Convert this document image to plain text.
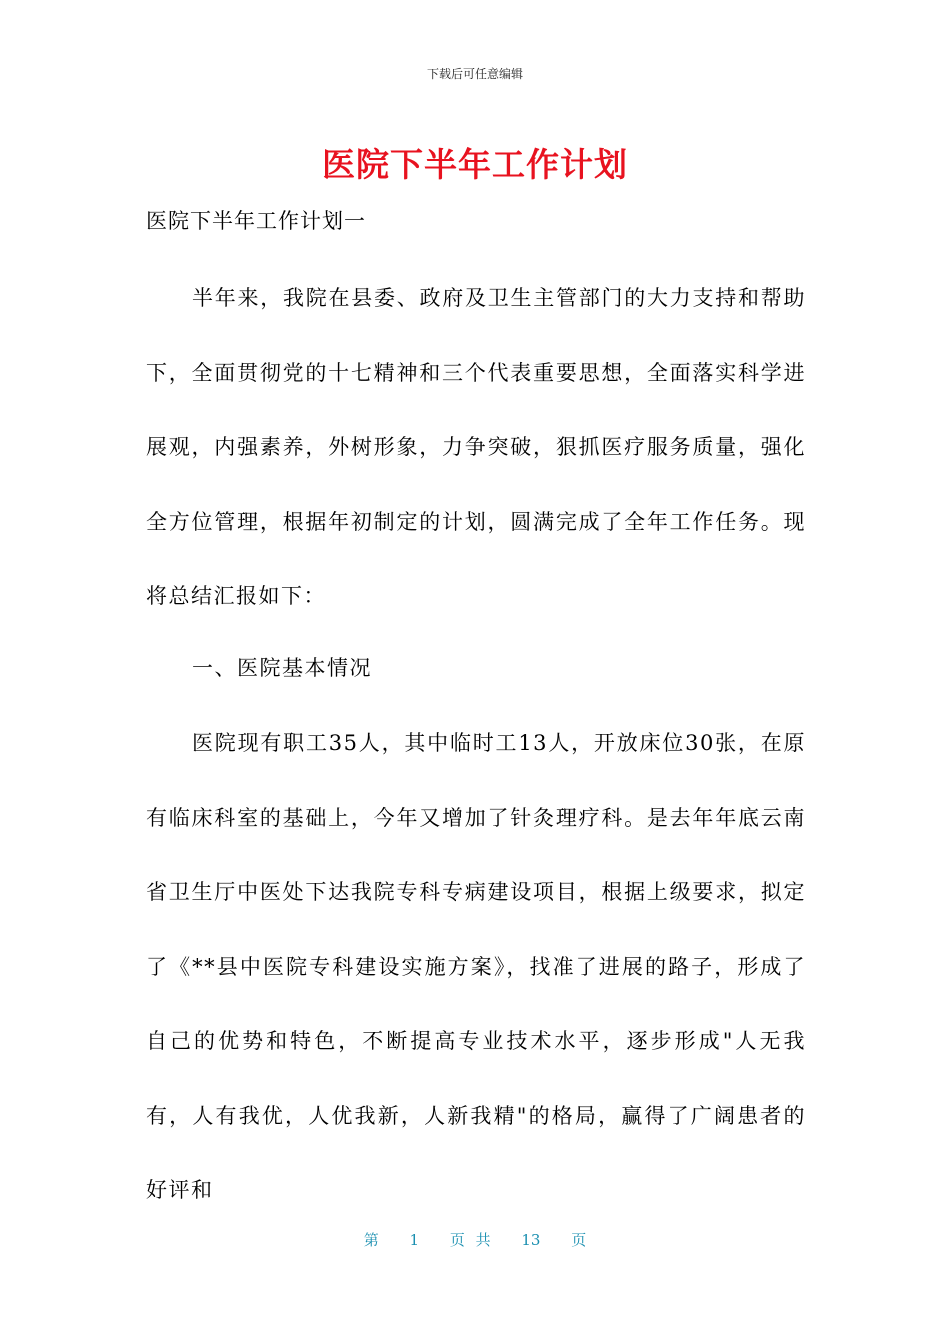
下载后可任意编辑
医院下半年工作计划
医院下半年工作计划一

半年来，我院在县委、政府及卫生主管部门的大力支持和帮助下，全面贯彻党的十七精神和三个代表重要思想，全面落实科学进展观，内强素养，外树形象，力争突破，狠抓医疗服务质量，强化全方位管理，根据年初制定的计划，圆满完成了全年工作任务。现将总结汇报如下：

一、医院基本情况

医院现有职工35人，其中临时工13人，开放床位30张，在原有临床科室的基础上，今年又增加了针灸理疗科。是去年年底云南省卫生厅中医处下达我院专科专病建设项目，根据上级要求，拟定了《**县中医院专科建设实施方案》，找准了进展的路子，形成了自己的优势和特色，不断提高专业技术水平，逐步形成"人无我有，人有我优，人优我新，人新我精"的格局，赢得了广阔患者的好评和

第 1 页 共 13 页
